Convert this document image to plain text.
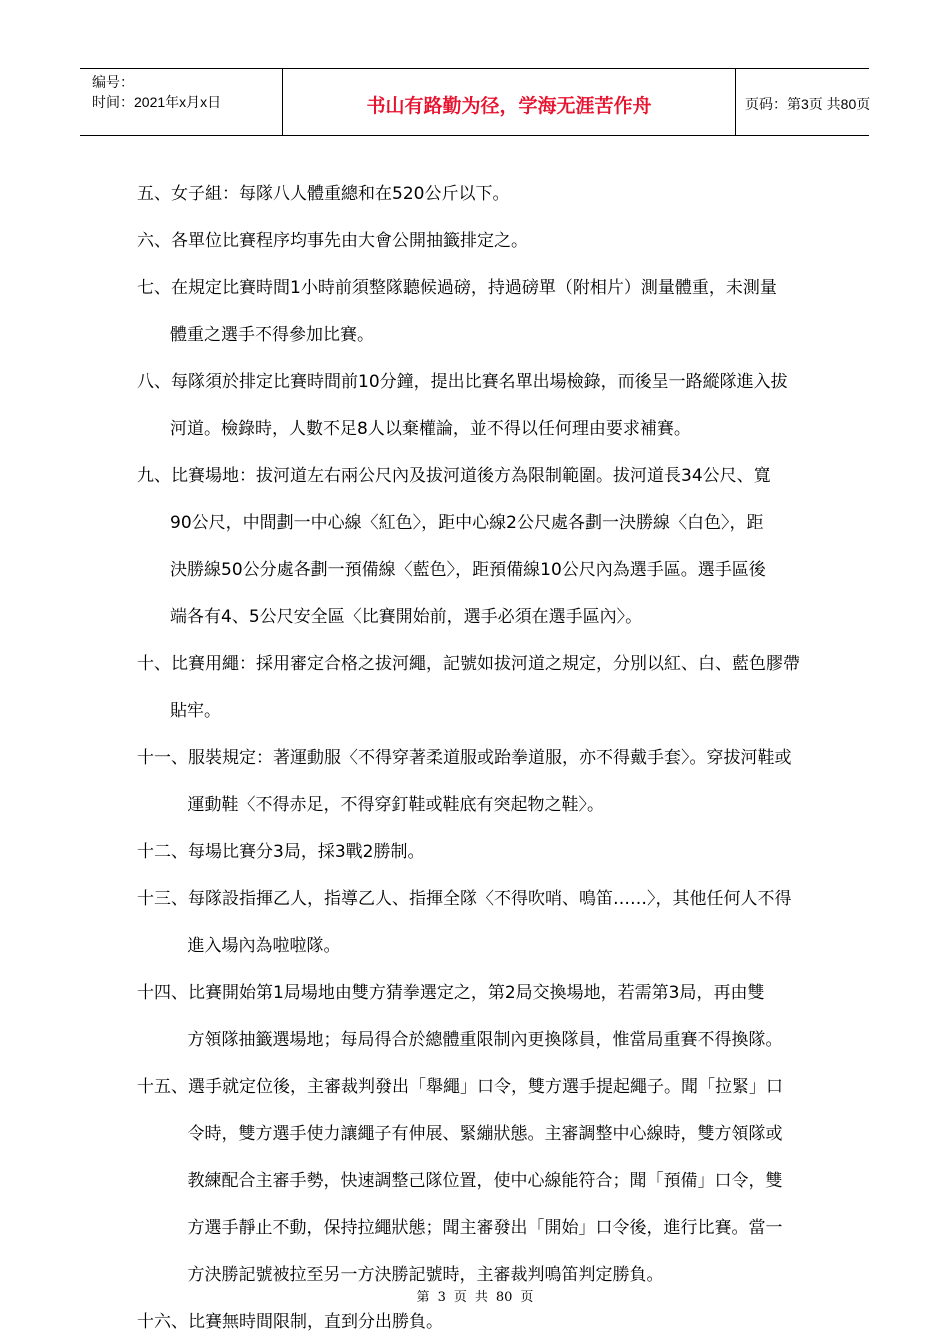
编号：
时间：2021年x月x日	书山有路勤为径，学海无涯苦作舟	页码：第3页 共80页
五、女子組：每隊八人體重總和在520公斤以下。
六、各單位比賽程序均事先由大會公開抽籤排定之。
七、在規定比賽時間1小時前須整隊聽候過磅，持過磅單（附相片）測量體重，未測量
體重之選手不得參加比賽。
八、每隊須於排定比賽時間前10分鐘，提出比賽名單出場檢錄，而後呈一路縱隊進入拔
河道。檢錄時，人數不足8人以棄權論，並不得以任何理由要求補賽。
九、比賽場地：拔河道左右兩公尺內及拔河道後方為限制範圍。拔河道長34公尺、寬
90公尺，中間劃一中心線〈紅色〉，距中心線2公尺處各劃一決勝線〈白色〉，距
決勝線50公分處各劃一預備線〈藍色〉，距預備線10公尺內為選手區。選手區後
端各有4、5公尺安全區〈比賽開始前，選手必須在選手區內〉。
十、比賽用繩：採用審定合格之拔河繩，記號如拔河道之規定，分別以紅、白、藍色膠帶
貼牢。
十一、服裝規定：著運動服〈不得穿著柔道服或跆拳道服，亦不得戴手套〉。穿拔河鞋或
運動鞋〈不得赤足，不得穿釘鞋或鞋底有突起物之鞋〉。
十二、每場比賽分3局，採3戰2勝制。
十三、每隊設指揮乙人，指導乙人、指揮全隊〈不得吹哨、鳴笛……〉，其他任何人不得
進入場內為啦啦隊。
十四、比賽開始第1局場地由雙方猜拳選定之，第2局交換場地，若需第3局，再由雙
方領隊抽籤選場地；每局得合於總體重限制內更換隊員，惟當局重賽不得換隊。
十五、選手就定位後，主審裁判發出「舉繩」口令，雙方選手提起繩子。聞「拉緊」口
令時，雙方選手使力讓繩子有伸展、緊繃狀態。主審調整中心線時，雙方領隊或
教練配合主審手勢，快速調整己隊位置，使中心線能符合；聞「預備」口令，雙
方選手靜止不動，保持拉繩狀態；聞主審發出「開始」口令後，進行比賽。當一
方決勝記號被拉至另一方決勝記號時，主審裁判鳴笛判定勝負。
十六、比賽無時間限制，直到分出勝負。
第 3 页 共 80 页
